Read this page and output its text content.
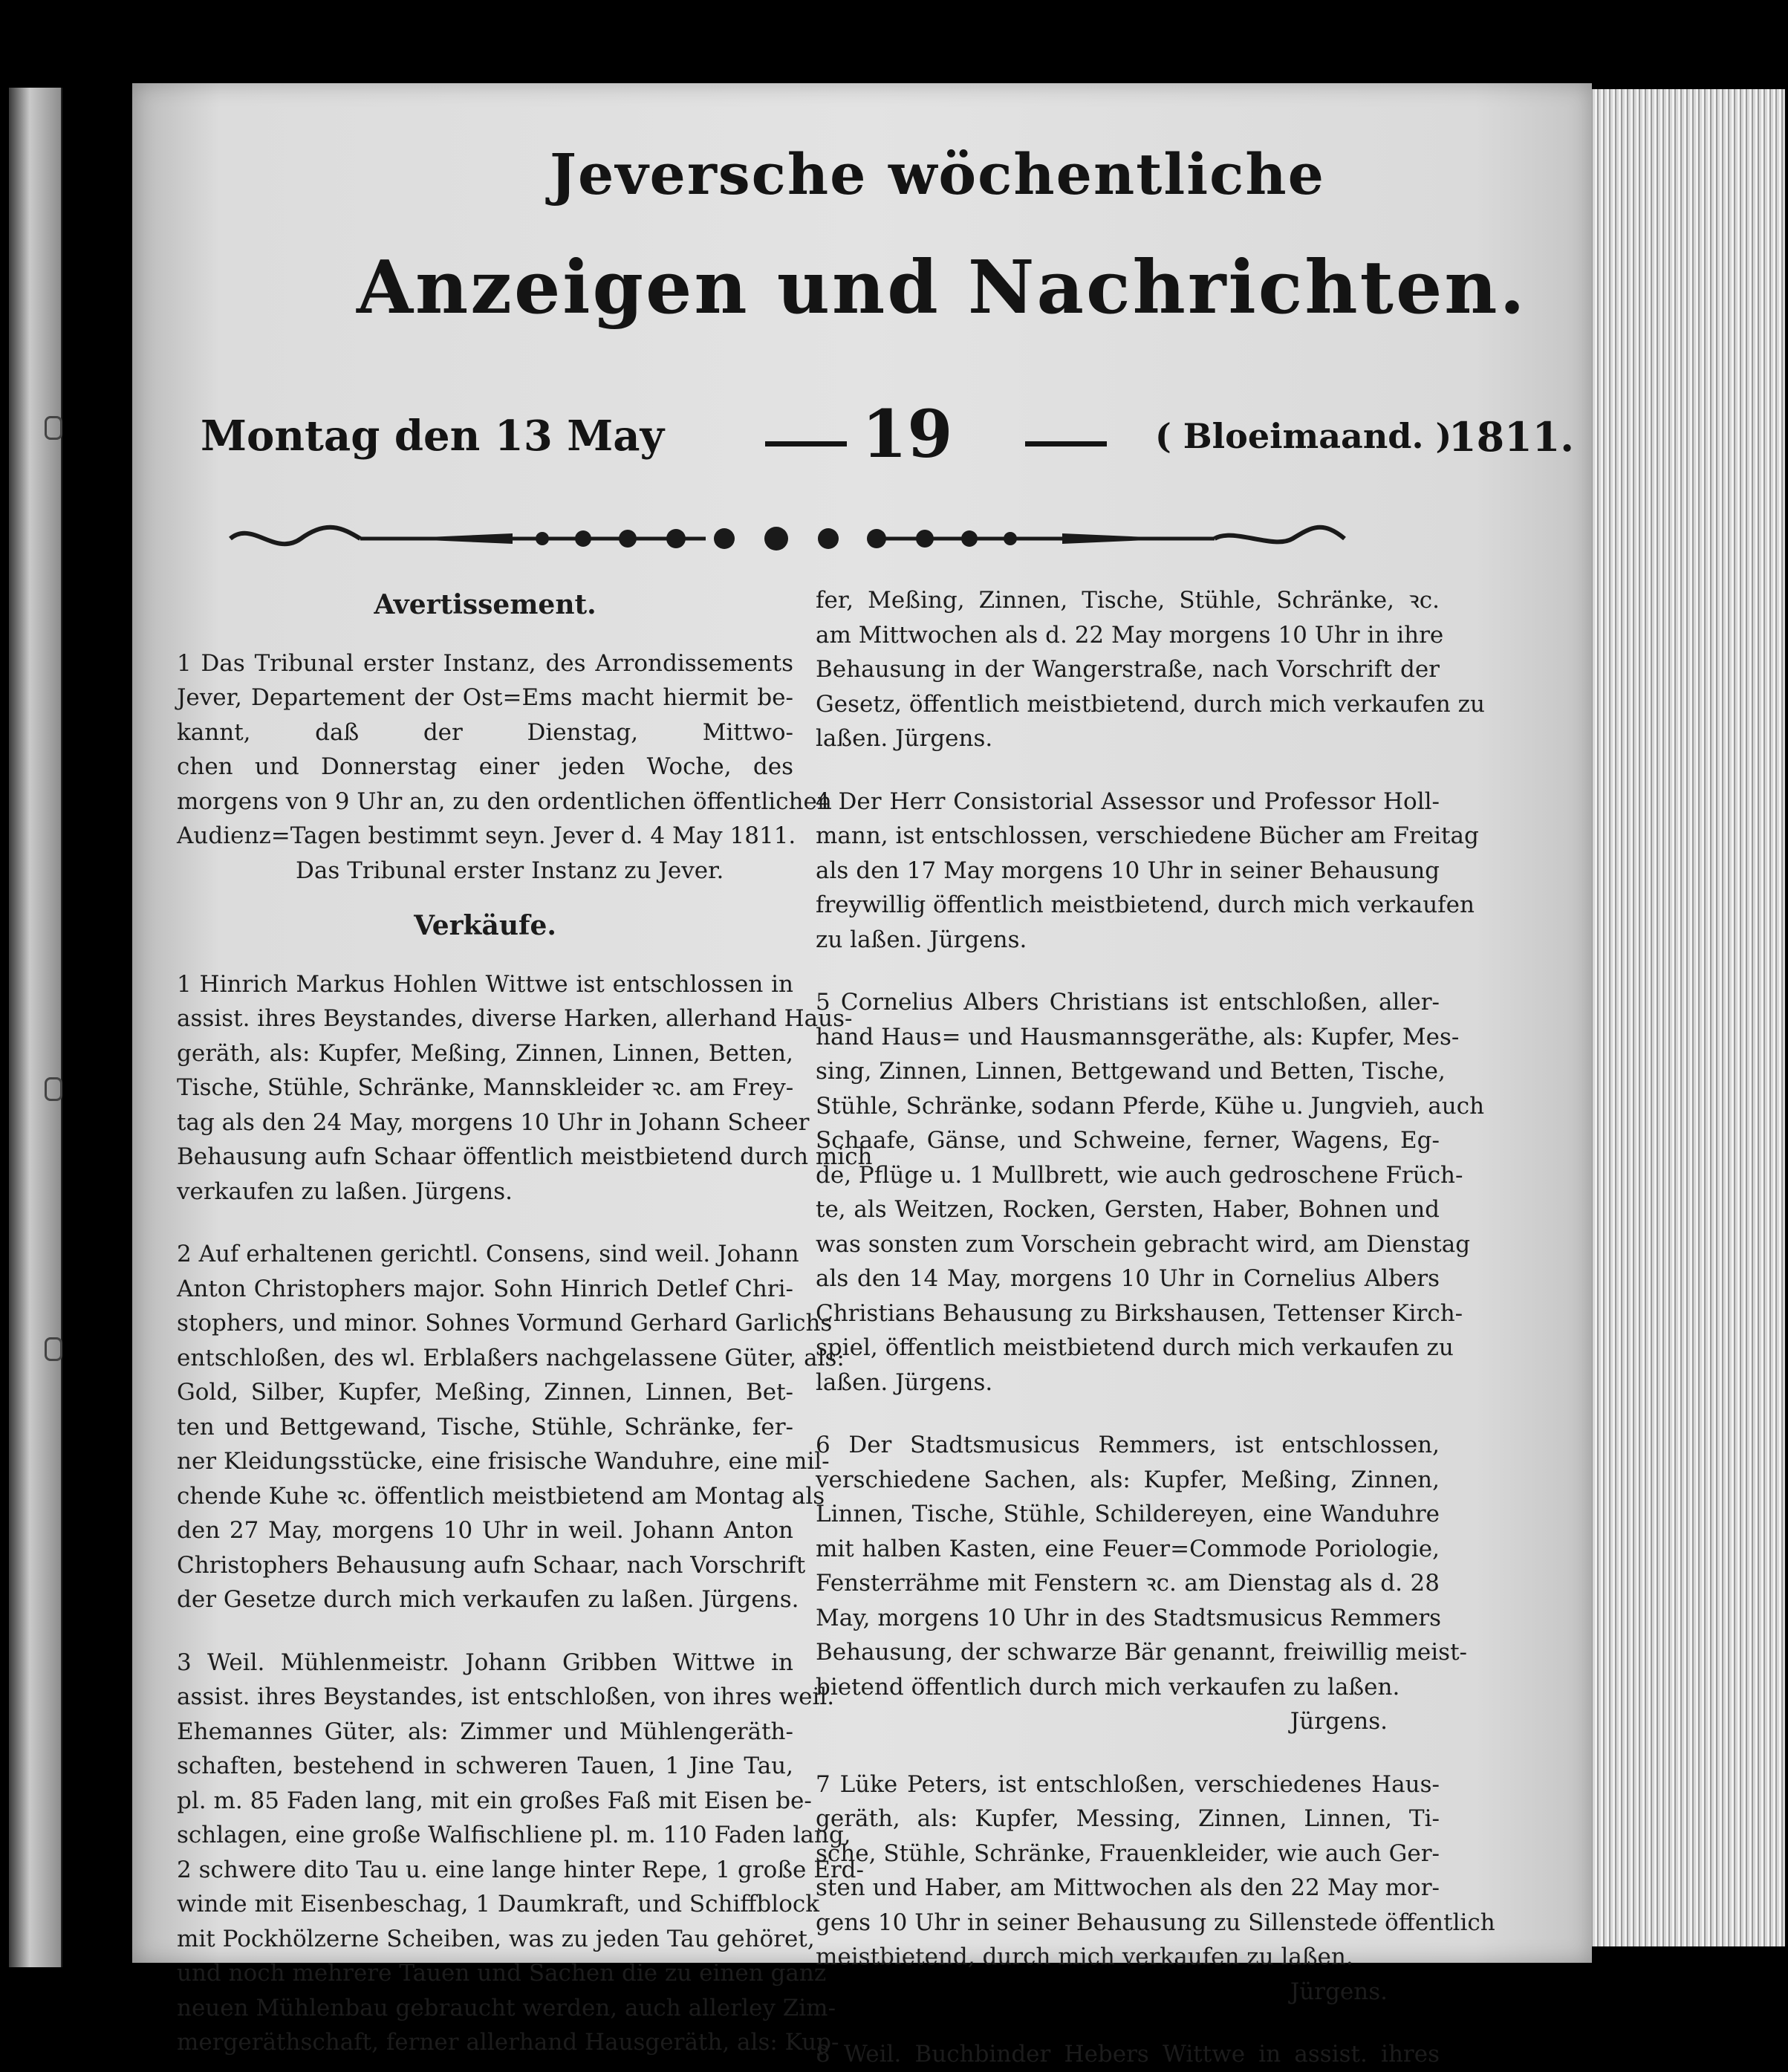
Jeversche wöchentliche
Anzeigen und Nachrichten.
Montag den 13 May	19	( Bloeimaand. )
1811.
Avertissement.
1 Das Tribunal erster Instanz, des Arrondissements
Jever, Departement der Ost=Ems macht hiermit be-
kannt, daß der Dienstag, Mittwo-
chen und Donnerstag einer jeden Woche, des
morgens von 9 Uhr an, zu den ordentlichen öffentlichen
Audienz=Tagen bestimmt seyn. Jever d. 4 May 1811.
Das Tribunal erster Instanz zu Jever.
Verkäufe.
1 Hinrich Markus Hohlen Wittwe ist entschlossen in
assist. ihres Beystandes, diverse Harken, allerhand Haus-
geräth, als: Kupfer, Meßing, Zinnen, Linnen, Betten,
Tische, Stühle, Schränke, Mannskleider ꝛc. am Frey-
tag als den 24 May, morgens 10 Uhr in Johann Scheer
Behausung aufn Schaar öffentlich meistbietend durch mich
verkaufen zu laßen. Jürgens.
2 Auf erhaltenen gerichtl. Consens, sind weil. Johann
Anton Christophers major. Sohn Hinrich Detlef Chri-
stophers, und minor. Sohnes Vormund Gerhard Garlichs
entschloßen, des wl. Erblaßers nachgelassene Güter, als:
Gold, Silber, Kupfer, Meßing, Zinnen, Linnen, Bet-
ten und Bettgewand, Tische, Stühle, Schränke, fer-
ner Kleidungsstücke, eine frisische Wanduhre, eine mil-
chende Kuhe ꝛc. öffentlich meistbietend am Montag als
den 27 May, morgens 10 Uhr in weil. Johann Anton
Christophers Behausung aufn Schaar, nach Vorschrift
der Gesetze durch mich verkaufen zu laßen. Jürgens.
3 Weil. Mühlenmeistr. Johann Gribben Wittwe in
assist. ihres Beystandes, ist entschloßen, von ihres weil.
Ehemannes Güter, als: Zimmer und Mühlengeräth-
schaften, bestehend in schweren Tauen, 1 Jine Tau,
pl. m. 85 Faden lang, mit ein großes Faß mit Eisen be-
schlagen, eine große Walfischliene pl. m. 110 Faden lang,
2 schwere dito Tau u. eine lange hinter Repe, 1 große Erd-
winde mit Eisenbeschag, 1 Daumkraft, und Schiffblock
mit Pockhölzerne Scheiben, was zu jeden Tau gehöret,
und noch mehrere Tauen und Sachen die zu einen ganz
neuen Mühlenbau gebraucht werden, auch allerley Zim-
mergeräthschaft, ferner allerhand Hausgeräth, als: Kup-
fer, Meßing, Zinnen, Tische, Stühle, Schränke, ꝛc.
am Mittwochen als d. 22 May morgens 10 Uhr in ihre
Behausung in der Wangerstraße, nach Vorschrift der
Gesetz, öffentlich meistbietend, durch mich verkaufen zu
laßen. Jürgens.
4 Der Herr Consistorial Assessor und Professor Holl-
mann, ist entschlossen, verschiedene Bücher am Freitag
als den 17 May morgens 10 Uhr in seiner Behausung
freywillig öffentlich meistbietend, durch mich verkaufen
zu laßen. Jürgens.
5 Cornelius Albers Christians ist entschloßen, aller-
hand Haus= und Hausmannsgeräthe, als: Kupfer, Mes-
sing, Zinnen, Linnen, Bettgewand und Betten, Tische,
Stühle, Schränke, sodann Pferde, Kühe u. Jungvieh, auch
Schaafe, Gänse, und Schweine, ferner, Wagens, Eg-
de, Pflüge u. 1 Mullbrett, wie auch gedroschene Früch-
te, als Weitzen, Rocken, Gersten, Haber, Bohnen und
was sonsten zum Vorschein gebracht wird, am Dienstag
als den 14 May, morgens 10 Uhr in Cornelius Albers
Christians Behausung zu Birkshausen, Tettenser Kirch-
spiel, öffentlich meistbietend durch mich verkaufen zu
laßen. Jürgens.
6 Der Stadtsmusicus Remmers, ist entschlossen,
verschiedene Sachen, als: Kupfer, Meßing, Zinnen,
Linnen, Tische, Stühle, Schildereyen, eine Wanduhre
mit halben Kasten, eine Feuer=Commode Poriologie,
Fensterrähme mit Fenstern ꝛc. am Dienstag als d. 28
May, morgens 10 Uhr in des Stadtsmusicus Remmers
Behausung, der schwarze Bär genannt, freiwillig meist-
bietend öffentlich durch mich verkaufen zu laßen.
Jürgens.
7 Lüke Peters, ist entschloßen, verschiedenes Haus-
geräth, als: Kupfer, Messing, Zinnen, Linnen, Ti-
sche, Stühle, Schränke, Frauenkleider, wie auch Ger-
sten und Haber, am Mittwochen als den 22 May mor-
gens 10 Uhr in seiner Behausung zu Sillenstede öffentlich
meistbietend, durch mich verkaufen zu laßen.
Jürgens.
8 Weil. Buchbinder Hebers Wittwe in assist. ihres
